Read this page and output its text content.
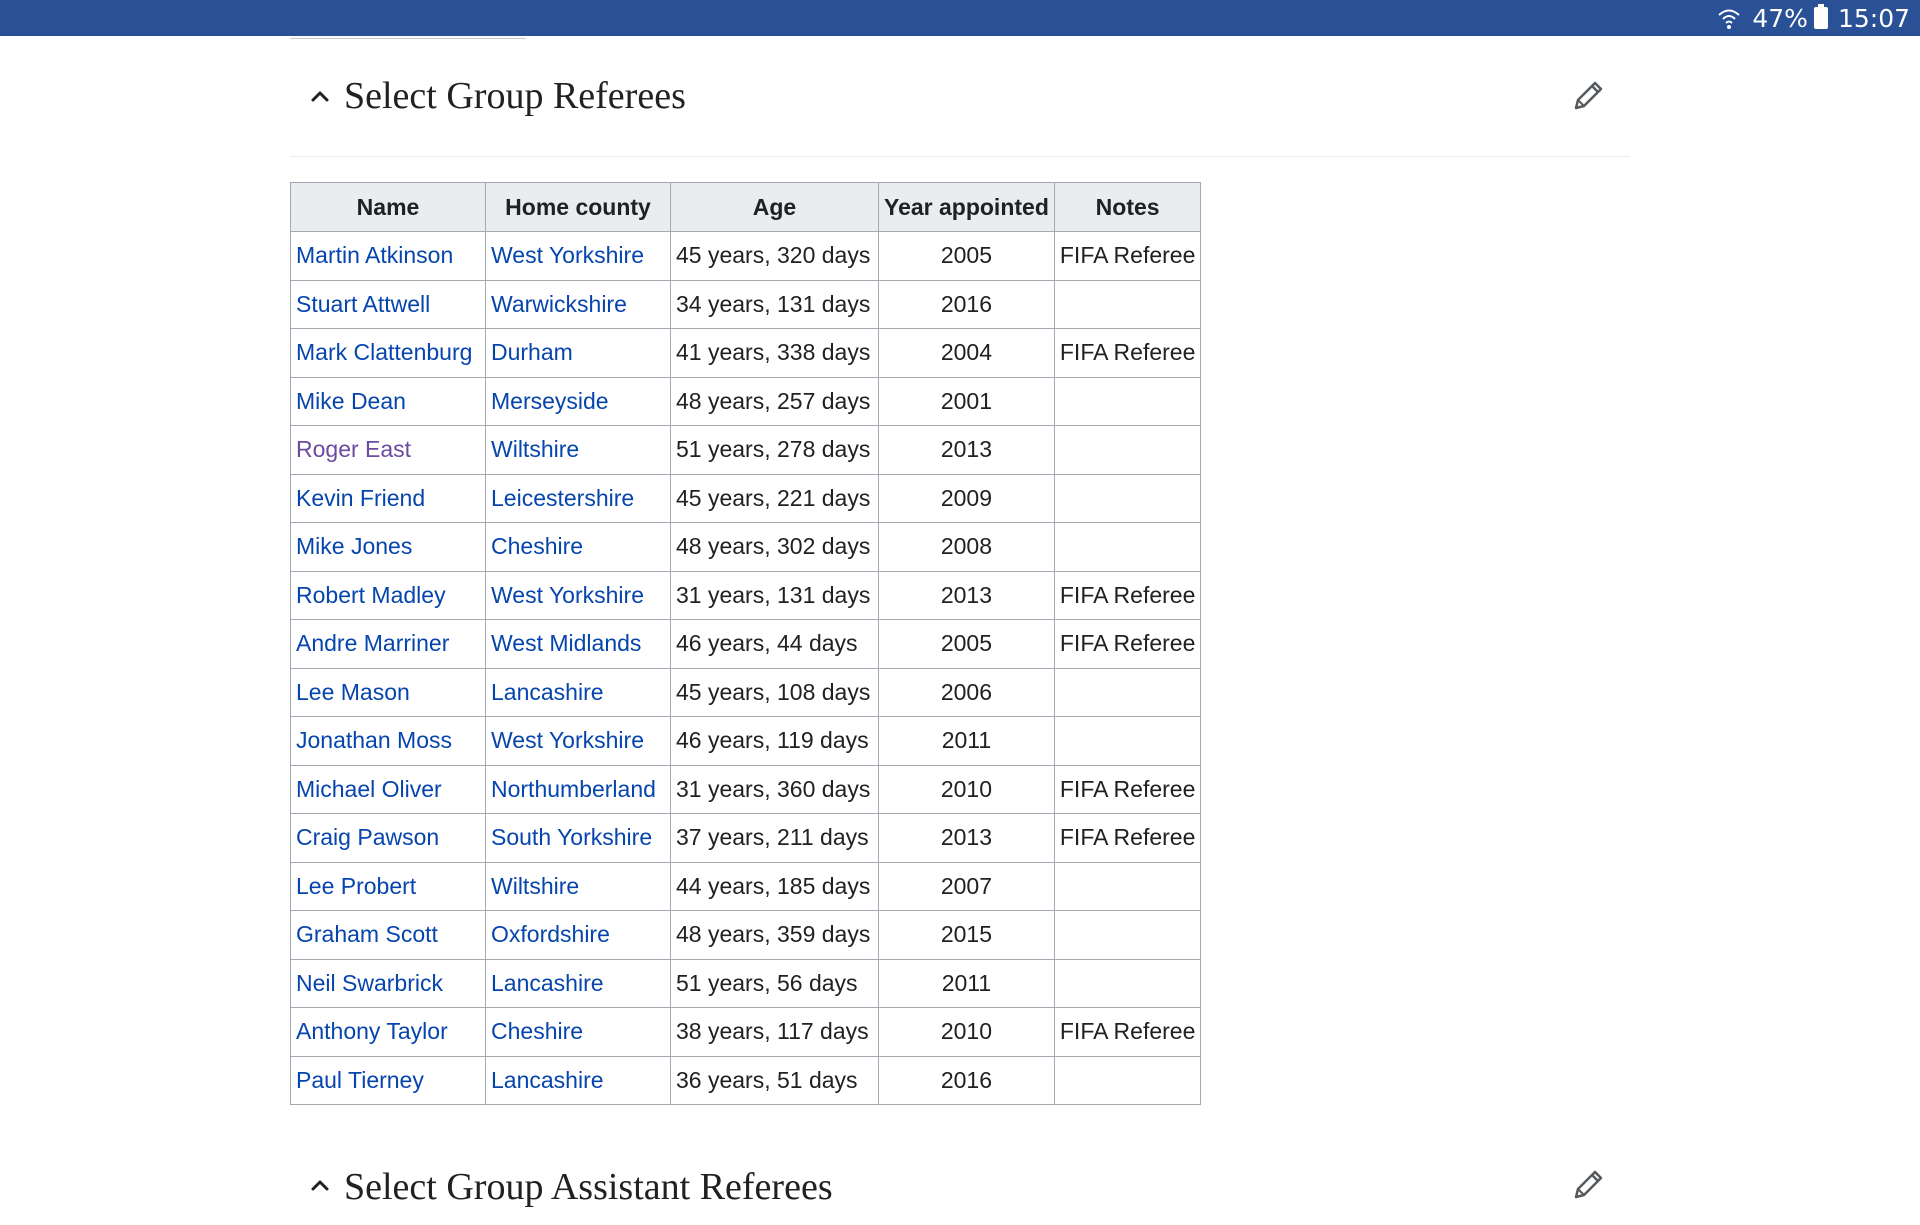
47% 15:07
Select Group Referees
Name	Home county	Age	Year appointed	Notes
Martin Atkinson	West Yorkshire	45 years, 320 days	2005	FIFA Referee
Stuart Attwell	Warwickshire	34 years, 131 days	2016	
Mark Clattenburg	Durham	41 years, 338 days	2004	FIFA Referee
Mike Dean	Merseyside	48 years, 257 days	2001	
Roger East	Wiltshire	51 years, 278 days	2013	
Kevin Friend	Leicestershire	45 years, 221 days	2009	
Mike Jones	Cheshire	48 years, 302 days	2008	
Robert Madley	West Yorkshire	31 years, 131 days	2013	FIFA Referee
Andre Marriner	West Midlands	46 years, 44 days	2005	FIFA Referee
Lee Mason	Lancashire	45 years, 108 days	2006	
Jonathan Moss	West Yorkshire	46 years, 119 days	2011	
Michael Oliver	Northumberland	31 years, 360 days	2010	FIFA Referee
Craig Pawson	South Yorkshire	37 years, 211 days	2013	FIFA Referee
Lee Probert	Wiltshire	44 years, 185 days	2007	
Graham Scott	Oxfordshire	48 years, 359 days	2015	
Neil Swarbrick	Lancashire	51 years, 56 days	2011	
Anthony Taylor	Cheshire	38 years, 117 days	2010	FIFA Referee
Paul Tierney	Lancashire	36 years, 51 days	2016	
Select Group Assistant Referees
